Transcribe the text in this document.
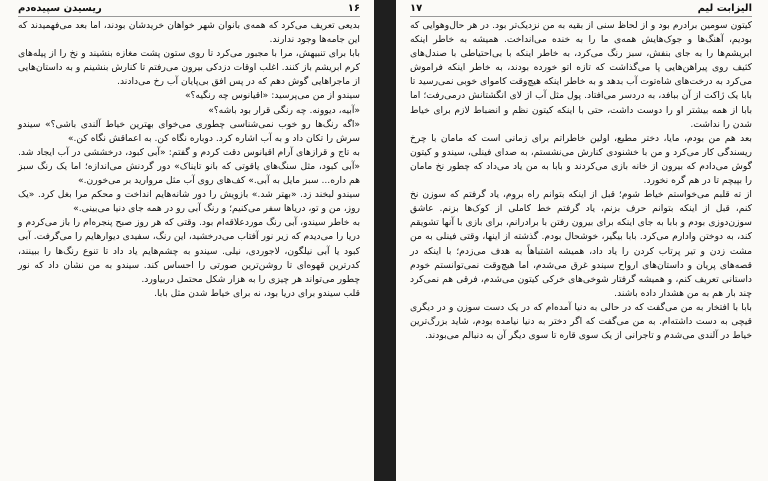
۱۶
ریسیدن سپیده‌دم

بدیعی تعریف می‌کرد که همه‌ی بانوان شهر خواهان خریدشان بودند، اما بعد می‌فهمیدند که این جامه‌ها وجود ندارند.

بابا برای تنبیهش، مرا با مجبور می‌کرد تا روی ستون پشت مغازه بنشیند و نخ را از پیله‌های کرم ابریشم باز کنند. اغلب اوقات دزدکی بیرون می‌رفتم تا کنارش بنشینم و به داستان‌هایی از ماجراهایی گوش دهم که در پس افق بی‌پایان آب رخ می‌دادند.

سیندو از من می‌پرسید: «اقیانوس چه رنگیه؟»

«آبیه، دیوونه. چه رنگی قرار بود باشه؟»

«اگه رنگ‌ها رو خوب نمی‌شناسی چطوری می‌خوای بهترین خیاط آلندی باشی؟» سیندو سرش را تکان داد و به آب اشاره کرد. دوباره نگاه کن. به اعماقش نگاه کن.»

به تاج و قرازهای آرام اقیانوس دقت کردم و گفتم: «آبی کبود، درخششی در آب ایجاد شد. «آبی کبود، مثل سنگ‌های یاقوتی که بانو تایناک» دور گردنش می‌اندازه؛ اما یک رنگ سبز هم داره... سبز مایل به آبی.» کف‌های روی آب مثل مروارید بر می‌خورن.»

سیندو لبخند زد. «بهتر شد.» بازویش را دور شانه‌هایم انداخت و محکم مرا بغل کرد. «یک روز، من و تو، دریاها سفر می‌کنیم؛ و رنگ آبی رو در همه جای دنیا می‌بینی.»

به خاطر سیندو، آبی رنگ موردعلاقه‌ام بود. وقتی که هر روز صبح پنجره‌ام را باز می‌کردم و دریا را می‌دیدم که زیر نور آفتاب می‌درخشید، این رنگ، سفیدی دیوارهایم را می‌گرفت. آبی کبود یا آبی نیلگون، لاجوردی، نیلی. سیندو به چشم‌هایم یاد داد تا تنوع رنگ‌ها را ببینند، کدرترین قهوه‌ای تا روشن‌ترین صورتی را احساس کند. سیندو به من نشان داد که نور چطور می‌تواند هر چیزی را به هزار شکل محتمل دربیاورد.

قلب سیندو برای دریا بود، نه برای خیاط شدن مثل بابا.

الیزابت لیم
۱۷

کیتون سومین برادرم بود و از لحاظ سنی از بقیه به من نزدیک‌تر بود. در هر حال‌وهوایی که بودیم، آهنگ‌ها و جوک‌هایش همه‌ی ما را به خنده می‌انداخت. همیشه به خاطر اینکه ابریشم‌ها را به جای بنفش، سبز رنگ می‌کرد، به خاطر اینکه با بی‌احتیاطی با صندل‌های کثیف روی پیراهن‌هایی پا می‌گذاشت که تازه اتو خورده بودند، به خاطر اینکه فراموش می‌کرد به درخت‌های شاه‌توت آب بدهد و به خاطر اینکه هیچ‌وقت کاموای خوبی نمی‌رسید تا بابا یک ژاکت از آن ببافد، به دردسر می‌افتاد. پول مثل آب از لای انگشتانش درمی‌رفت؛ اما بابا از همه بیشتر او را دوست داشت، حتی با اینکه کیتون نظم و انضباط لازم برای خیاط شدن را نداشت.

بعد هم من بودم، مایا، دختر مطیع، اولین خاطراتم برای زمانی است که مامان با چرخ ریسندگی کار می‌کرد و من با خشنودی کنارش می‌نشستم، به صدای فینلی، سیندو و کیتون گوش می‌دادم که بیرون از خانه بازی می‌کردند و بابا به من یاد می‌داد که چطور نخ مامان را بپیچم تا در هم گره نخورد.

از ته قلبم می‌خواستم خیاط شوم؛ قبل از اینکه بتوانم راه بروم، یاد گرفتم که سوزن نخ کنم، قبل از اینکه بتوانم حرف بزنم، یاد گرفتم خط کاملی از کوک‌ها بزنم. عاشق سوزن‌دوزی بودم و بابا به جای اینکه برای بیرون رفتن با برادرانم، برای بازی با آنها تشویقم کند، به دوختن وادارم می‌کرد. بابا بیگیر، خوشحال بودم. گذشته از اینها، وقتی فینلی به من مشت زدن و تیر پرتاب کردن را یاد داد، همیشه اشتباهاً به هدف می‌زدم؛ با اینکه در قصه‌های پریان و داستان‌های ارواح سیندو غرق می‌شدم، اما هیچ‌وقت نمی‌توانستم خودم داستانی تعریف کنم، و همیشه گرفتار شوخی‌های خرکی کیتون می‌شدم، فرقی هم نمی‌کرد چند بار هم به من هشدار داده باشند.

بابا با افتخار به من می‌گفت که در حالی به دنیا آمده‌ام که در یک دست سوزن و در دیگری قیچی به دست داشته‌ام. به من می‌گفت که اگر دختر به دنیا نیامده بودم، شاید بزرگ‌ترین خیاط در آلندی می‌شدم و تاجرانی از یک سوی قاره تا سوی دیگر آن به دنبالم می‌بودند.
